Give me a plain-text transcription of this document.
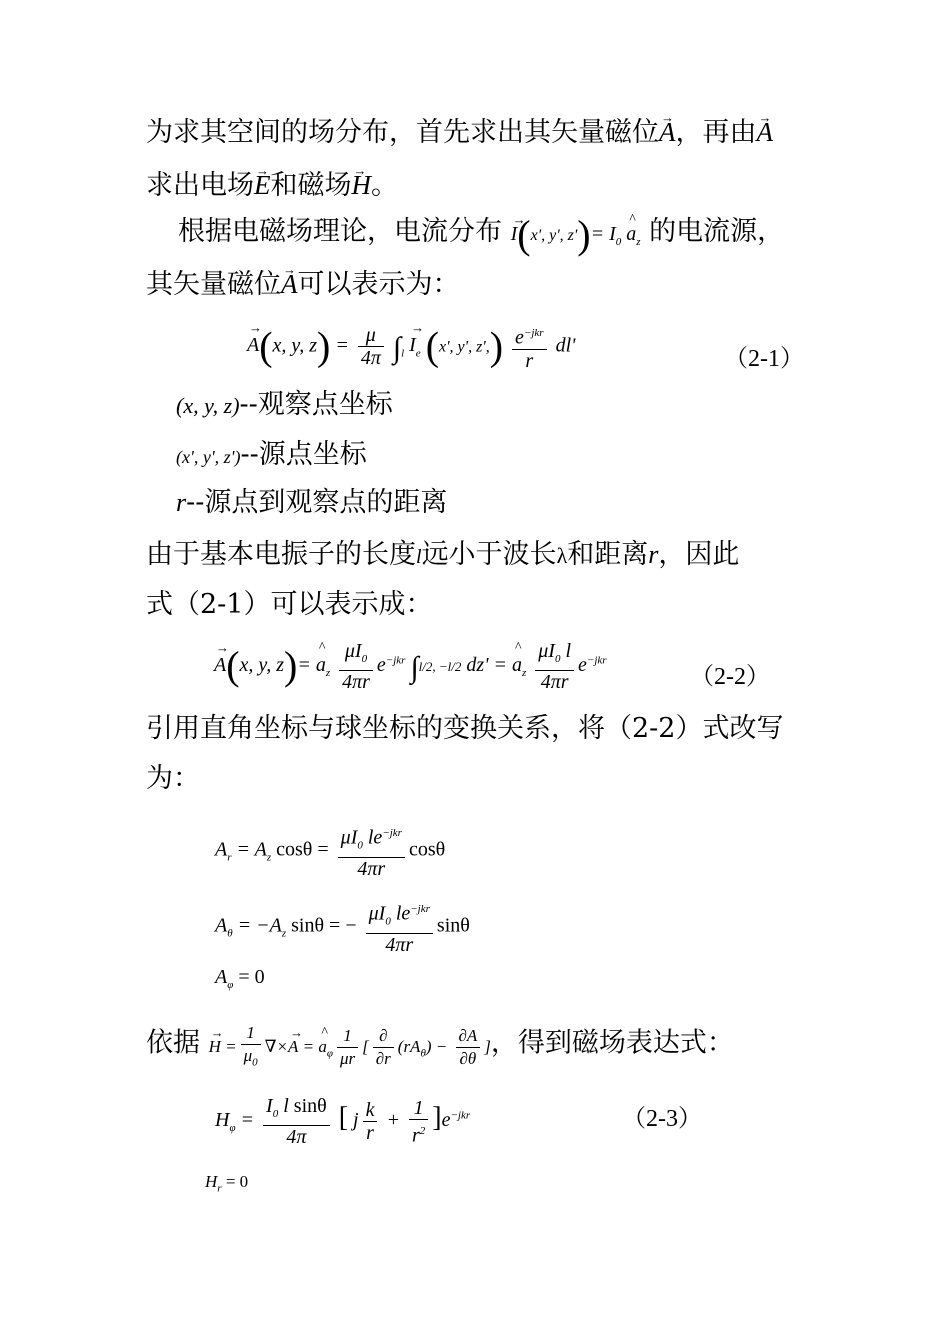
为求其空间的场分布，首先求出其矢量磁位→ A，再由→ A
求出电场→ E和磁场→ H。
根据电磁场理论，电流分布 → I(x', y', $z')= I_0$ ^ $a_z$ 的电流源，
其矢量磁位→ A可以表示为：
→ A(x, y, $z) = \frac{\mu}{4\pi} \int_l \to I_e$ (x', y', $z',) \frac{e^{-jkr}}{r} dl'$
（2-1）
(x, y, z)--观察点坐标
(x', y', z')--源点坐标
r--源点到观察点的距离
由于基本电振子的长度l远小于波长λ和距离r，因此
式（2-1）可以表示成：
→ A(x, y, z)= ^ $a_z \frac{\mu I_0}{4\pi r} e^{-jkr}$ ∫l/2, −l/2 dz' = ^ $a_z \frac{\mu I_0 l}{4\pi r} e^{-jkr}$
（2-2）
引用直角坐标与球坐标的变换关系，将（2-2）式改写
为：
$A_r = A_z$ $\cos\theta = \frac{\mu I_0 le^{-jkr}}{4\pi r}$ cosθ
$A_\theta = -A_z$ sinθ = − $\frac{\mu I_0 le^{-jkr}}{4\pi r}$ sinθ
$A_\varphi = 0$
依据 → $H = \frac{1}{\mu_0}$ ∇×→ A = ^ $a_\varphi \frac{1}{\mu r}$ [ $\frac{\partial}{\partial r} (rA_\theta) - \frac{\partial A}{\partial\theta}$ ]，得到磁场表达式：
$H_\varphi = \frac{I_0 l \sin\theta}{4\pi}$ [ j $\frac{k}{r} + \frac{1}{r^2} ]e^{-jkr}$	（2-3）
$H_r = 0$
